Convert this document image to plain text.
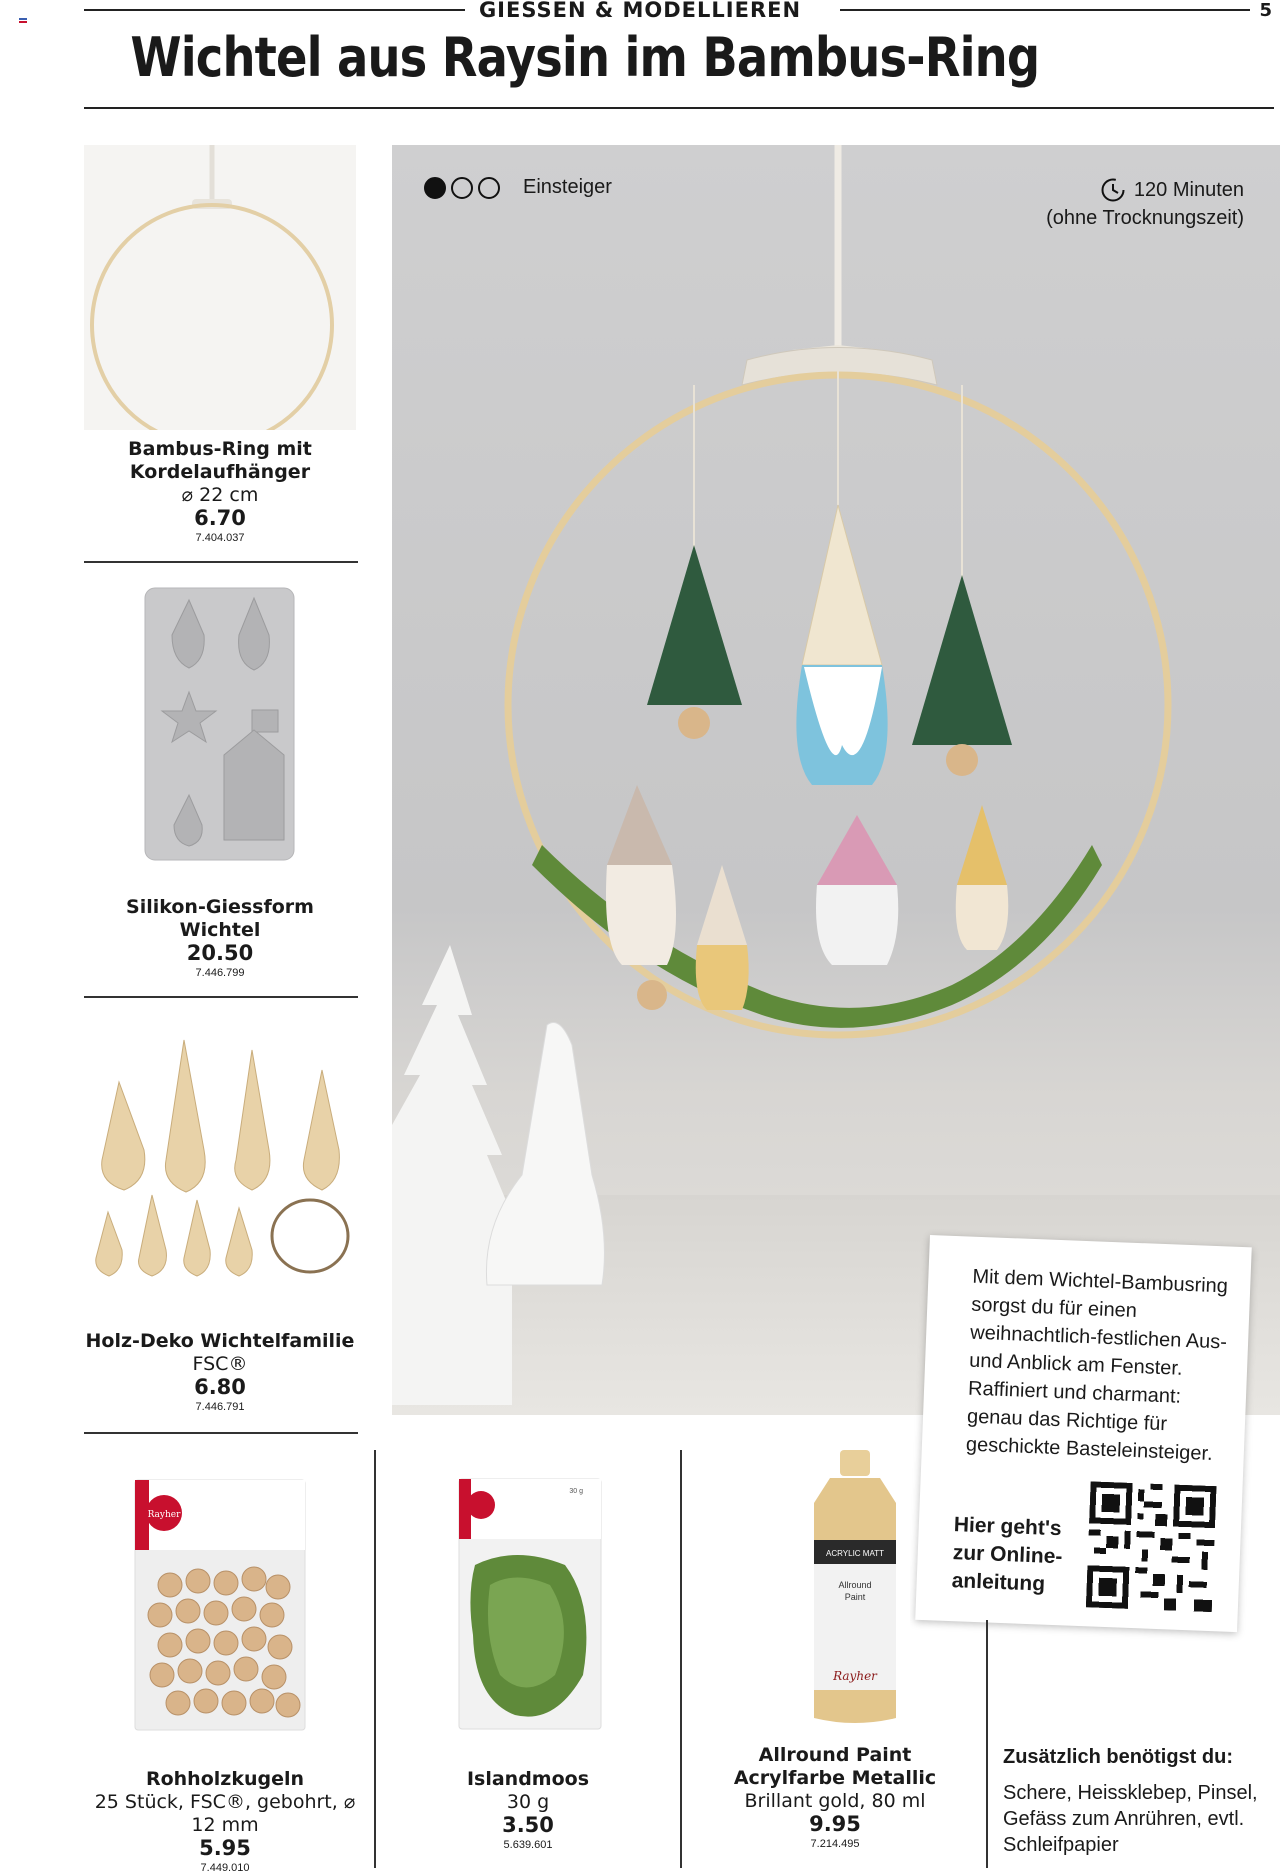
GIESSEN & MODELLIEREN	5
Wichtel aus Raysin im Bambus-Ring
Bambus-Ring mit Kordelaufhänger
⌀ 22 cm
6.70
7.404.037
Silikon-Giessform Wichtel
20.50
7.446.799
Holz-Deko Wichtelfamilie
FSC®
6.80
7.446.791
Einsteiger	120 Minuten
(ohne Trocknungszeit)
Mit dem Wichtel-Bambusring sorgst du für einen weihnachtlich-festlichen Aus- und Anblick am Fenster. Raffiniert und charmant: genau das Richtige für geschickte Basteleinsteiger.
Hier geht's zur Online-anleitung
Rayher
Rohholzkugeln
25 Stück, FSC®, gebohrt, ⌀ 12 mm
5.95
7.449.010
30 g
Islandmoos
30 g
3.50
5.639.601
ACRYLIC MATT
Allround
Paint
Rayher
Allround Paint Acrylfarbe Metallic
Brillant gold, 80 ml
9.95
7.214.495
Zusätzlich benötigst du:
Schere, Heissklebер, Pinsel, Gefäss zum Anrühren, evtl. Schleifpapier
